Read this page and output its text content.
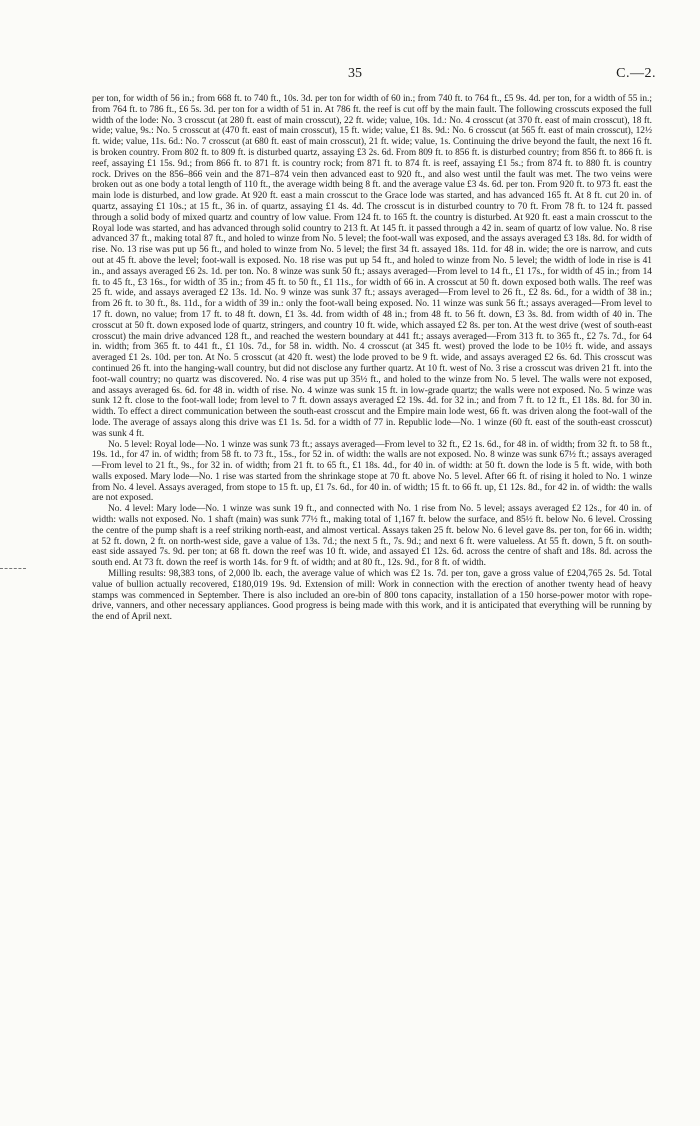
35	C.—2.

per ton, for width of 56 in.; from 668 ft. to 740 ft., 10s. 3d. per ton for width of 60 in.; from 740 ft. to 764 ft., £5 9s. 4d. per ton, for a width of 55 in.; from 764 ft. to 786 ft., £6 5s. 3d. per ton for a width of 51 in. At 786 ft. the reef is cut off by the main fault. The following crosscuts exposed the full width of the lode: No. 3 crosscut (at 280 ft. east of main crosscut), 22 ft. wide; value, 10s. 1d.: No. 4 crosscut (at 370 ft. east of main crosscut), 18 ft. wide; value, 9s.: No. 5 crosscut at (470 ft. east of main crosscut), 15 ft. wide; value, £1 8s. 9d.: No. 6 crosscut (at 565 ft. east of main crosscut), 12½ ft. wide; value, 11s. 6d.: No. 7 crosscut (at 680 ft. east of main crosscut), 21 ft. wide; value, 1s. Continuing the drive beyond the fault, the next 16 ft. is broken country. From 802 ft. to 809 ft. is disturbed quartz, assaying £3 2s. 6d. From 809 ft. to 856 ft. is disturbed country; from 856 ft. to 866 ft. is reef, assaying £1 15s. 9d.; from 866 ft. to 871 ft. is country rock; from 871 ft. to 874 ft. is reef, assaying £1 5s.; from 874 ft. to 880 ft. is country rock. Drives on the 856–866 vein and the 871–874 vein then advanced east to 920 ft., and also west until the fault was met. The two veins were broken out as one body a total length of 110 ft., the average width being 8 ft. and the average value £3 4s. 6d. per ton. From 920 ft. to 973 ft. east the main lode is disturbed, and low grade. At 920 ft. east a main crosscut to the Grace lode was started, and has advanced 165 ft. At 8 ft. cut 20 in. of quartz, assaying £1 10s.; at 15 ft., 36 in. of quartz, assaying £1 4s. 4d. The crosscut is in disturbed country to 70 ft. From 78 ft. to 124 ft. passed through a solid body of mixed quartz and country of low value. From 124 ft. to 165 ft. the country is disturbed. At 920 ft. east a main crosscut to the Royal lode was started, and has advanced through solid country to 213 ft. At 145 ft. it passed through a 42 in. seam of quartz of low value. No. 8 rise advanced 37 ft., making total 87 ft., and holed to winze from No. 5 level; the foot-wall was exposed, and the assays averaged £3 18s. 8d. for width of rise. No. 13 rise was put up 56 ft., and holed to winze from No. 5 level; the first 34 ft. assayed 18s. 11d. for 48 in. wide; the ore is narrow, and cuts out at 45 ft. above the level; foot-wall is exposed. No. 18 rise was put up 54 ft., and holed to winze from No. 5 level; the width of lode in rise is 41 in., and assays averaged £6 2s. 1d. per ton. No. 8 winze was sunk 50 ft.; assays averaged—From level to 14 ft., £1 17s., for width of 45 in.; from 14 ft. to 45 ft., £3 16s., for width of 35 in.; from 45 ft. to 50 ft., £1 11s., for width of 66 in. A crosscut at 50 ft. down exposed both walls. The reef was 25 ft. wide, and assays averaged £2 13s. 1d. No. 9 winze was sunk 37 ft.; assays averaged—From level to 26 ft., £2 8s. 6d., for a width of 38 in.; from 26 ft. to 30 ft., 8s. 11d., for a width of 39 in.: only the foot-wall being exposed. No. 11 winze was sunk 56 ft.; assays averaged—From level to 17 ft. down, no value; from 17 ft. to 48 ft. down, £1 3s. 4d. from width of 48 in.; from 48 ft. to 56 ft. down, £3 3s. 8d. from width of 40 in. The crosscut at 50 ft. down exposed lode of quartz, stringers, and country 10 ft. wide, which assayed £2 8s. per ton. At the west drive (west of south-east crosscut) the main drive advanced 128 ft., and reached the western boundary at 441 ft.; assays averaged—From 313 ft. to 365 ft., £2 7s. 7d., for 64 in. width; from 365 ft. to 441 ft., £1 10s. 7d., for 58 in. width. No. 4 crosscut (at 345 ft. west) proved the lode to be 10½ ft. wide, and assays averaged £1 2s. 10d. per ton. At No. 5 crosscut (at 420 ft. west) the lode proved to be 9 ft. wide, and assays averaged £2 6s. 6d. This crosscut was continued 26 ft. into the hanging-wall country, but did not disclose any further quartz. At 10 ft. west of No. 3 rise a crosscut was driven 21 ft. into the foot-wall country; no quartz was discovered. No. 4 rise was put up 35½ ft., and holed to the winze from No. 5 level. The walls were not exposed, and assays averaged 6s. 6d. for 48 in. width of rise. No. 4 winze was sunk 15 ft. in low-grade quartz; the walls were not exposed. No. 5 winze was sunk 12 ft. close to the foot-wall lode; from level to 7 ft. down assays averaged £2 19s. 4d. for 32 in.; and from 7 ft. to 12 ft., £1 18s. 8d. for 30 in. width. To effect a direct communication between the south-east crosscut and the Empire main lode west, 66 ft. was driven along the foot-wall of the lode. The average of assays along this drive was £1 1s. 5d. for a width of 77 in. Republic lode—No. 1 winze (60 ft. east of the south-east crosscut) was sunk 4 ft.

No. 5 level: Royal lode—No. 1 winze was sunk 73 ft.; assays averaged—From level to 32 ft., £2 1s. 6d., for 48 in. of width; from 32 ft. to 58 ft., 19s. 1d., for 47 in. of width; from 58 ft. to 73 ft., 15s., for 52 in. of width: the walls are not exposed. No. 8 winze was sunk 67½ ft.; assays averaged—From level to 21 ft., 9s., for 32 in. of width; from 21 ft. to 65 ft., £1 18s. 4d., for 40 in. of width: at 50 ft. down the lode is 5 ft. wide, with both walls exposed. Mary lode—No. 1 rise was started from the shrinkage stope at 70 ft. above No. 5 level. After 66 ft. of rising it holed to No. 1 winze from No. 4 level. Assays averaged, from stope to 15 ft. up, £1 7s. 6d., for 40 in. of width; 15 ft. to 66 ft. up, £1 12s. 8d., for 42 in. of width: the walls are not exposed.

No. 4 level: Mary lode—No. 1 winze was sunk 19 ft., and connected with No. 1 rise from No. 5 level; assays averaged £2 12s., for 40 in. of width: walls not exposed. No. 1 shaft (main) was sunk 77½ ft., making total of 1,167 ft. below the surface, and 85½ ft. below No. 6 level. Crossing the centre of the pump shaft is a reef striking north-east, and almost vertical. Assays taken 25 ft. below No. 6 level gave 8s. per ton, for 66 in. width; at 52 ft. down, 2 ft. on north-west side, gave a value of 13s. 7d.; the next 5 ft., 7s. 9d.; and next 6 ft. were valueless. At 55 ft. down, 5 ft. on south-east side assayed 7s. 9d. per ton; at 68 ft. down the reef was 10 ft. wide, and assayed £1 12s. 6d. across the centre of shaft and 18s. 8d. across the south end. At 73 ft. down the reef is worth 14s. for 9 ft. of width; and at 80 ft., 12s. 9d., for 8 ft. of width.

Milling results: 98,383 tons, of 2,000 lb. each, the average value of which was £2 1s. 7d. per ton, gave a gross value of £204,765 2s. 5d. Total value of bullion actually recovered, £180,019 19s. 9d. Extension of mill: Work in connection with the erection of another twenty head of heavy stamps was commenced in September. There is also included an ore-bin of 800 tons capacity, installation of a 150 horse-power motor with rope-drive, vanners, and other necessary appliances. Good progress is being made with this work, and it is anticipated that everything will be running by the end of April next.
